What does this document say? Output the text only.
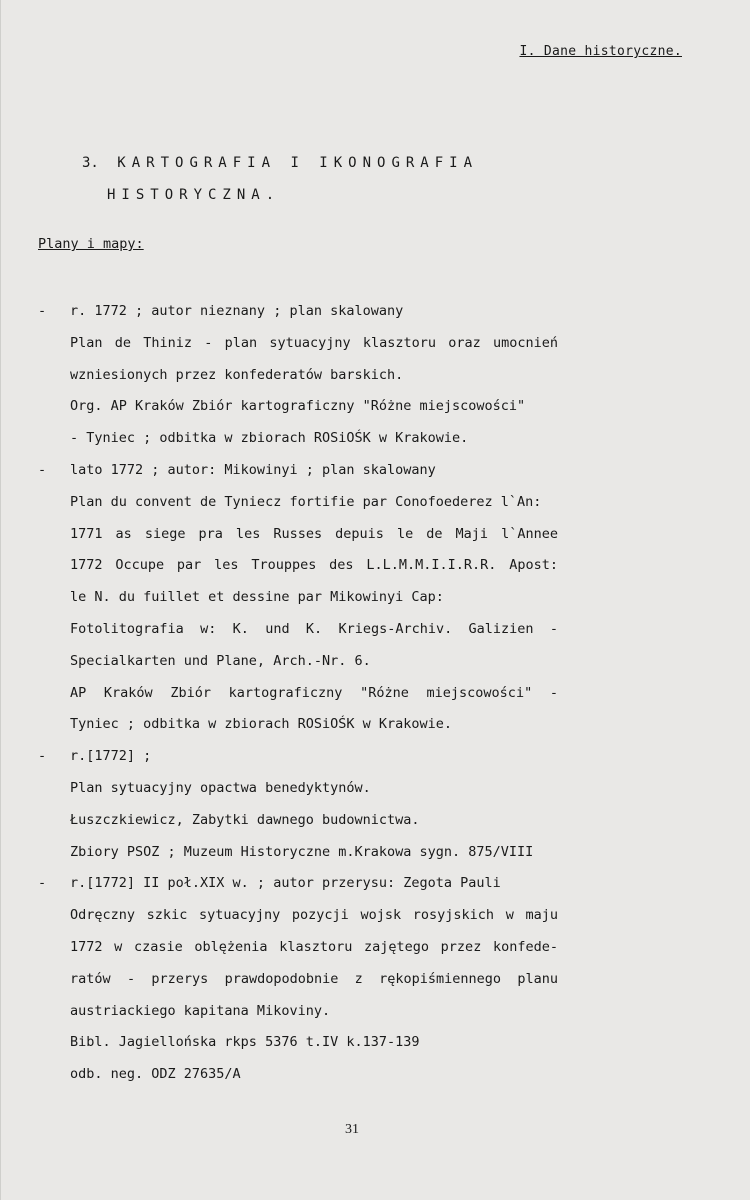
I. Dane historyczne.
3. KARTOGRAFIA I IKONOGRAFIA
HISTORYCZNA.
Plany i mapy:
- r. 1772 ; autor nieznany ; plan skalowany
Plan de Thiniz - plan sytuacyjny klasztoru oraz umocnień
wzniesionych przez konfederatów barskich.
Org. AP Kraków Zbiór kartograficzny "Różne miejscowości"
- Tyniec ; odbitka w zbiorach ROSiOŚK w Krakowie.
- lato 1772 ; autor: Mikowinyi ; plan skalowany
Plan du convent de Tyniecz fortifie par Conofoederez l`An:
1771 as siege pra les Russes depuis le de Maji l`Annee
1772 Occupe par les Trouppes des L.L.M.M.I.I.R.R. Apost:
le N. du fuillet et dessine par Mikowinyi Cap:
Fotolitografia w: K. und K. Kriegs-Archiv. Galizien -
Specialkarten und Plane, Arch.-Nr. 6.
AP Kraków Zbiór kartograficzny "Różne miejscowości" -
Tyniec ; odbitka w zbiorach ROSiOŚK w Krakowie.
- r.[1772] ;
Plan sytuacyjny opactwa benedyktynów.
Łuszczkiewicz, Zabytki dawnego budownictwa.
Zbiory PSOZ ; Muzeum Historyczne m.Krakowa sygn. 875/VIII
- r.[1772] II poł.XIX w. ; autor przerysu: Zegota Pauli
Odręczny szkic sytuacyjny pozycji wojsk rosyjskich w maju
1772 w czasie oblężenia klasztoru zajętego przez konfede-
ratów - przerys prawdopodobnie z rękopiśmiennego planu
austriackiego kapitana Mikoviny.
Bibl. Jagiellońska rkps 5376 t.IV k.137-139
odb. neg. ODZ 27635/A
31
